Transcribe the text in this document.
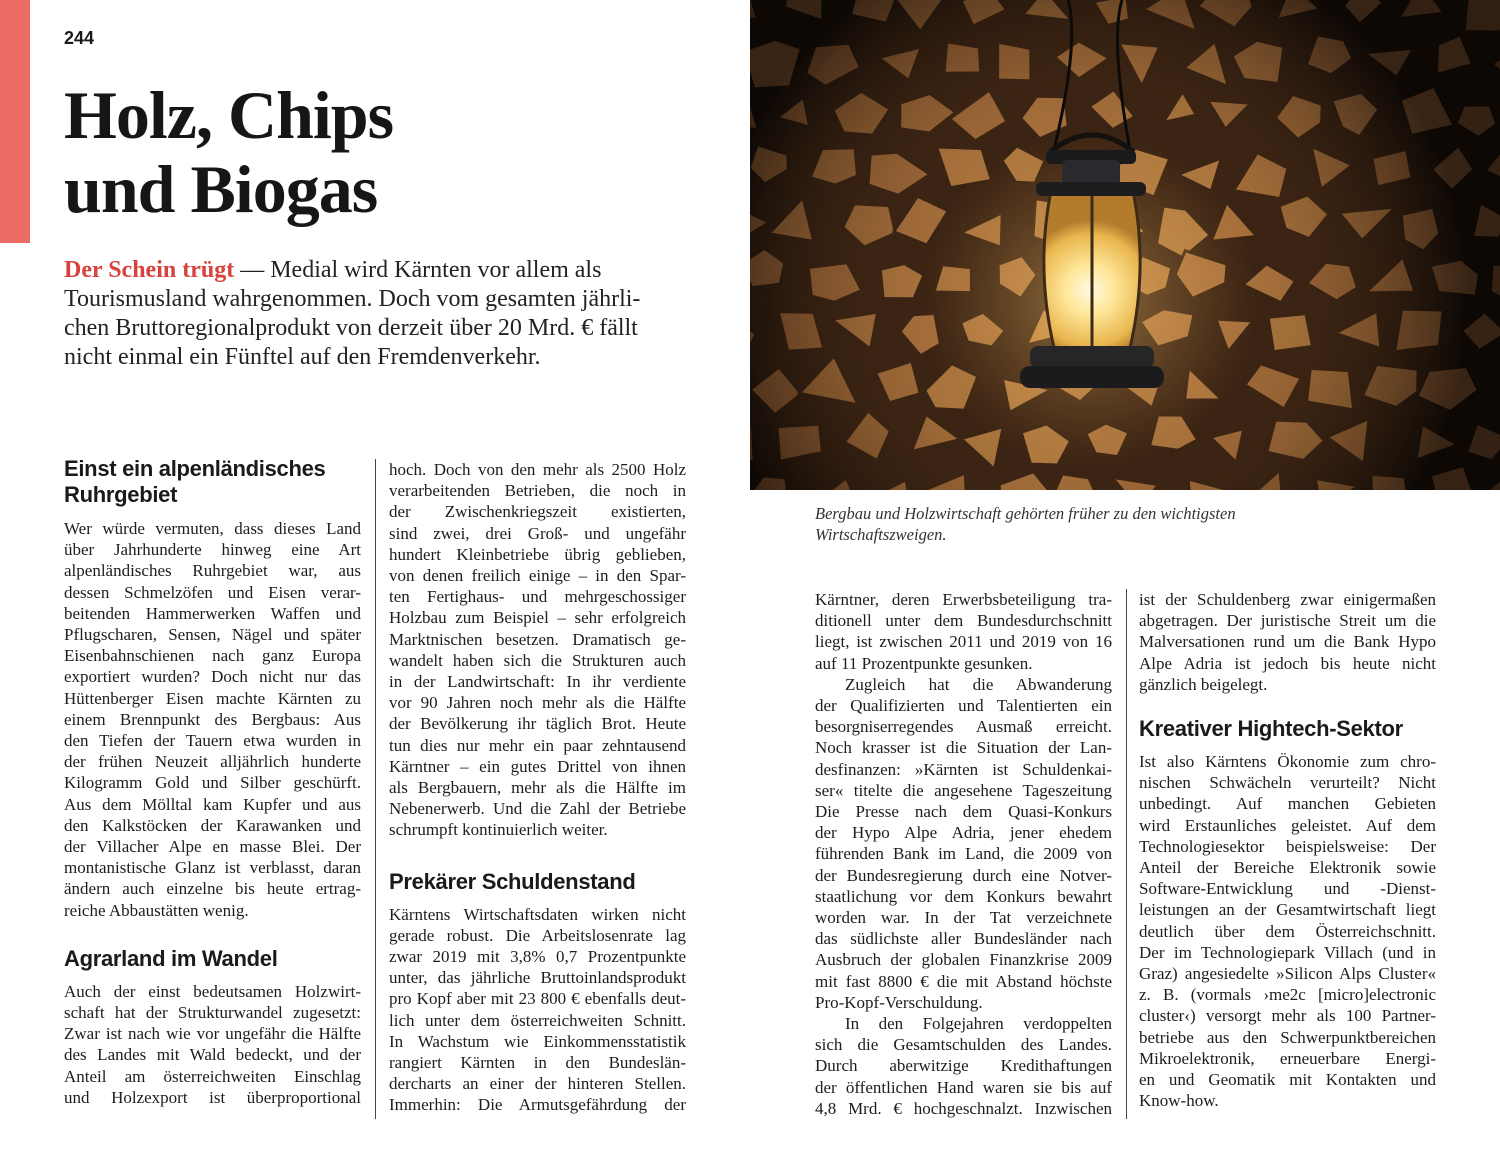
244
Holz, Chips
und Biogas
Der Schein trügt — Medial wird Kärnten vor allem als
Tourismusland wahrgenommen. Doch vom gesamten jährli-
chen Bruttoregionalprodukt von derzeit über 20 Mrd. € fällt
nicht einmal ein Fünftel auf den Fremdenverkehr.
Bergbau und Holzwirtschaft gehörten früher zu den wichtigsten
Wirtschaftszweigen.
Einst ein alpenländisches
Ruhrgebiet

Wer würde vermuten, dass dieses Land
über Jahrhunderte hinweg eine Art
alpenländisches Ruhrgebiet war, aus
dessen Schmelzöfen und Eisen verar-
beitenden Hammerwerken Waffen und
Pflugscharen, Sensen, Nägel und später
Eisenbahnschienen nach ganz Europa
exportiert wurden? Doch nicht nur das
Hüttenberger Eisen machte Kärnten zu
einem Brennpunkt des Bergbaus: Aus
den Tiefen der Tauern etwa wurden in
der frühen Neuzeit alljährlich hunderte
Kilogramm Gold und Silber geschürft.
Aus dem Mölltal kam Kupfer und aus
den Kalkstöcken der Karawanken und
der Villacher Alpe en masse Blei. Der
montanistische Glanz ist verblasst, daran
ändern auch einzelne bis heute ertrag-
reiche Abbaustätten wenig.

Agrarland im Wandel

Auch der einst bedeutsamen Holzwirt-
schaft hat der Strukturwandel zugesetzt:
Zwar ist nach wie vor ungefähr die Hälfte
des Landes mit Wald bedeckt, und der
Anteil am österreichweiten Einschlag
und Holzexport ist überproportional

hoch. Doch von den mehr als 2500 Holz
verarbeitenden Betrieben, die noch in
der Zwischenkriegszeit existierten,
sind zwei, drei Groß- und ungefähr
hundert Kleinbetriebe übrig geblieben,
von denen freilich einige – in den Spar-
ten Fertighaus- und mehrgeschossiger
Holzbau zum Beispiel – sehr erfolgreich
Marktnischen besetzen. Dramatisch ge-
wandelt haben sich die Strukturen auch
in der Landwirtschaft: In ihr verdiente
vor 90 Jahren noch mehr als die Hälfte
der Bevölkerung ihr täglich Brot. Heute
tun dies nur mehr ein paar zehntausend
Kärntner – ein gutes Drittel von ihnen
als Bergbauern, mehr als die Hälfte im
Nebenerwerb. Und die Zahl der Betriebe
schrumpft kontinuierlich weiter.

Prekärer Schuldenstand

Kärntens Wirtschaftsdaten wirken nicht
gerade robust. Die Arbeitslosenrate lag
zwar 2019 mit 3,8% 0,7 Prozentpunkte
unter, das jährliche Bruttoinlandsprodukt
pro Kopf aber mit 23 800 € ebenfalls deut-
lich unter dem österreichweiten Schnitt.
In Wachstum wie Einkommensstatistik
rangiert Kärnten in den Bundeslän-
dercharts an einer der hinteren Stellen.
Immerhin: Die Armutsgefährdung der

Kärntner, deren Erwerbsbeteiligung tra-
ditionell unter dem Bundesdurchschnitt
liegt, ist zwischen 2011 und 2019 von 16
auf 11 Prozentpunkte gesunken.

Zugleich hat die Abwanderung
der Qualifizierten und Talentierten ein
besorgniserregendes Ausmaß erreicht.
Noch krasser ist die Situation der Lan-
desfinanzen: »Kärnten ist Schuldenkai-
ser« titelte die angesehene Tageszeitung
Die Presse nach dem Quasi-Konkurs
der Hypo Alpe Adria, jener ehedem
führenden Bank im Land, die 2009 von
der Bundesregierung durch eine Notver-
staatlichung vor dem Konkurs bewahrt
worden war. In der Tat verzeichnete
das südlichste aller Bundesländer nach
Ausbruch der globalen Finanzkrise 2009
mit fast 8800 € die mit Abstand höchste
Pro-Kopf-Verschuldung.

In den Folgejahren verdoppelten
sich die Gesamtschulden des Landes.
Durch aberwitzige Kredithaftungen
der öffentlichen Hand waren sie bis auf
4,8 Mrd. € hochgeschnalzt. Inzwischen

ist der Schuldenberg zwar einigermaßen
abgetragen. Der juristische Streit um die
Malversationen rund um die Bank Hypo
Alpe Adria ist jedoch bis heute nicht
gänzlich beigelegt.

Kreativer Hightech-Sektor

Ist also Kärntens Ökonomie zum chro-
nischen Schwächeln verurteilt? Nicht
unbedingt. Auf manchen Gebieten
wird Erstaunliches geleistet. Auf dem
Technologiesektor beispielsweise: Der
Anteil der Bereiche Elektronik sowie
Software-Entwicklung und -Dienst-
leistungen an der Gesamtwirtschaft liegt
deutlich über dem Österreichschnitt.
Der im Technologiepark Villach (und in
Graz) angesiedelte »Silicon Alps Cluster«
z. B. (vormals ›me2c [micro]electronic
cluster‹) versorgt mehr als 100 Partner-
betriebe aus den Schwerpunktbereichen
Mikroelektronik, erneuerbare Energi-
en und Geomatik mit Kontakten und
Know-how.
